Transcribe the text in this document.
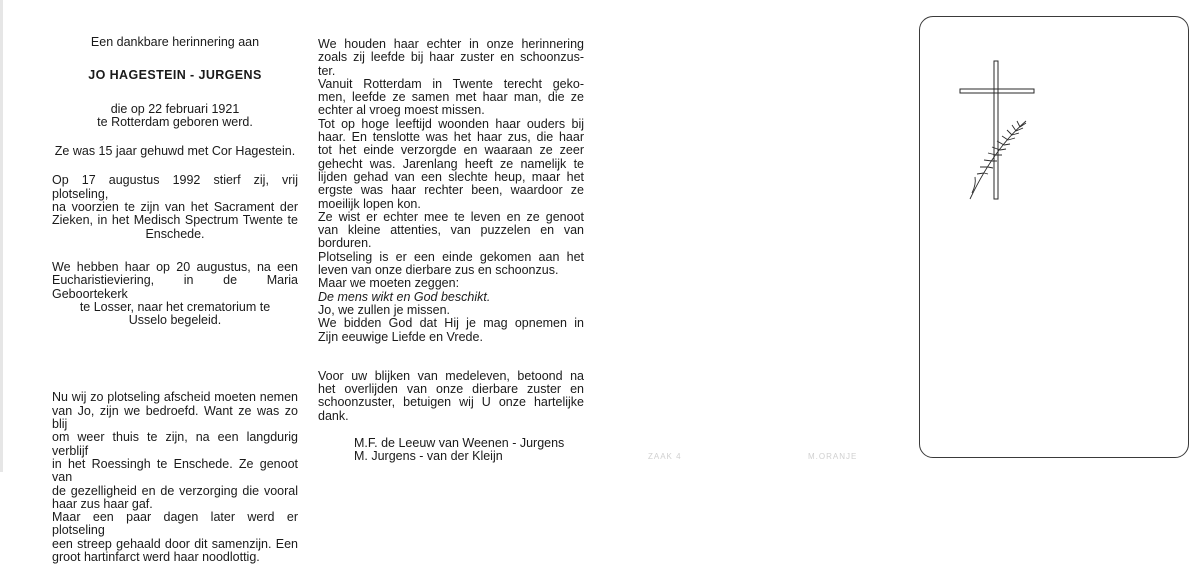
Een dankbare herinnering aan
JO HAGESTEIN - JURGENS
die op 22 februari 1921
te Rotterdam geboren werd.
Ze was 15 jaar gehuwd met Cor Hagestein.
Op 17 augustus 1992 stierf zij, vrij plotseling,
na voorzien te zijn van het Sacrament der
Zieken, in het Medisch Spectrum Twente te
Enschede.
We hebben haar op 20 augustus, na een
Eucharistieviering, in de Maria Geboortekerk
te Losser, naar het crematorium te
Usselo begeleid.
Nu wij zo plotseling afscheid moeten nemen
van Jo, zijn we bedroefd. Want ze was zo blij
om weer thuis te zijn, na een langdurig verblijf
in het Roessingh te Enschede. Ze genoot van
de gezelligheid en de verzorging die vooral
haar zus haar gaf.
Maar een paar dagen later werd er plotseling
een streep gehaald door dit samenzijn. Een
groot hartinfarct werd haar noodlottig.
We houden haar echter in onze herinnering
zoals zij leefde bij haar zuster en schoonzus-
ter.
Vanuit Rotterdam in Twente terecht geko-
men, leefde ze samen met haar man, die ze
echter al vroeg moest missen.
Tot op hoge leeftijd woonden haar ouders bij
haar. En tenslotte was het haar zus, die haar
tot het einde verzorgde en waaraan ze zeer
gehecht was. Jarenlang heeft ze namelijk te
lijden gehad van een slechte heup, maar het
ergste was haar rechter been, waardoor ze
moeilijk lopen kon.
Ze wist er echter mee te leven en ze genoot
van kleine attenties, van puzzelen en van
borduren.
Plotseling is er een einde gekomen aan het
leven van onze dierbare zus en schoonzus.
Maar we moeten zeggen:
De mens wikt en God beschikt.
Jo, we zullen je missen.
We bidden God dat Hij je mag opnemen in
Zijn eeuwige Liefde en Vrede.
Voor uw blijken van medeleven, betoond na
het overlijden van onze dierbare zuster en
schoonzuster, betuigen wij U onze hartelijke
dank.
M.F. de Leeuw van Weenen - Jurgens
M. Jurgens - van der Kleijn	ZAAK 4	M.ORANJE
